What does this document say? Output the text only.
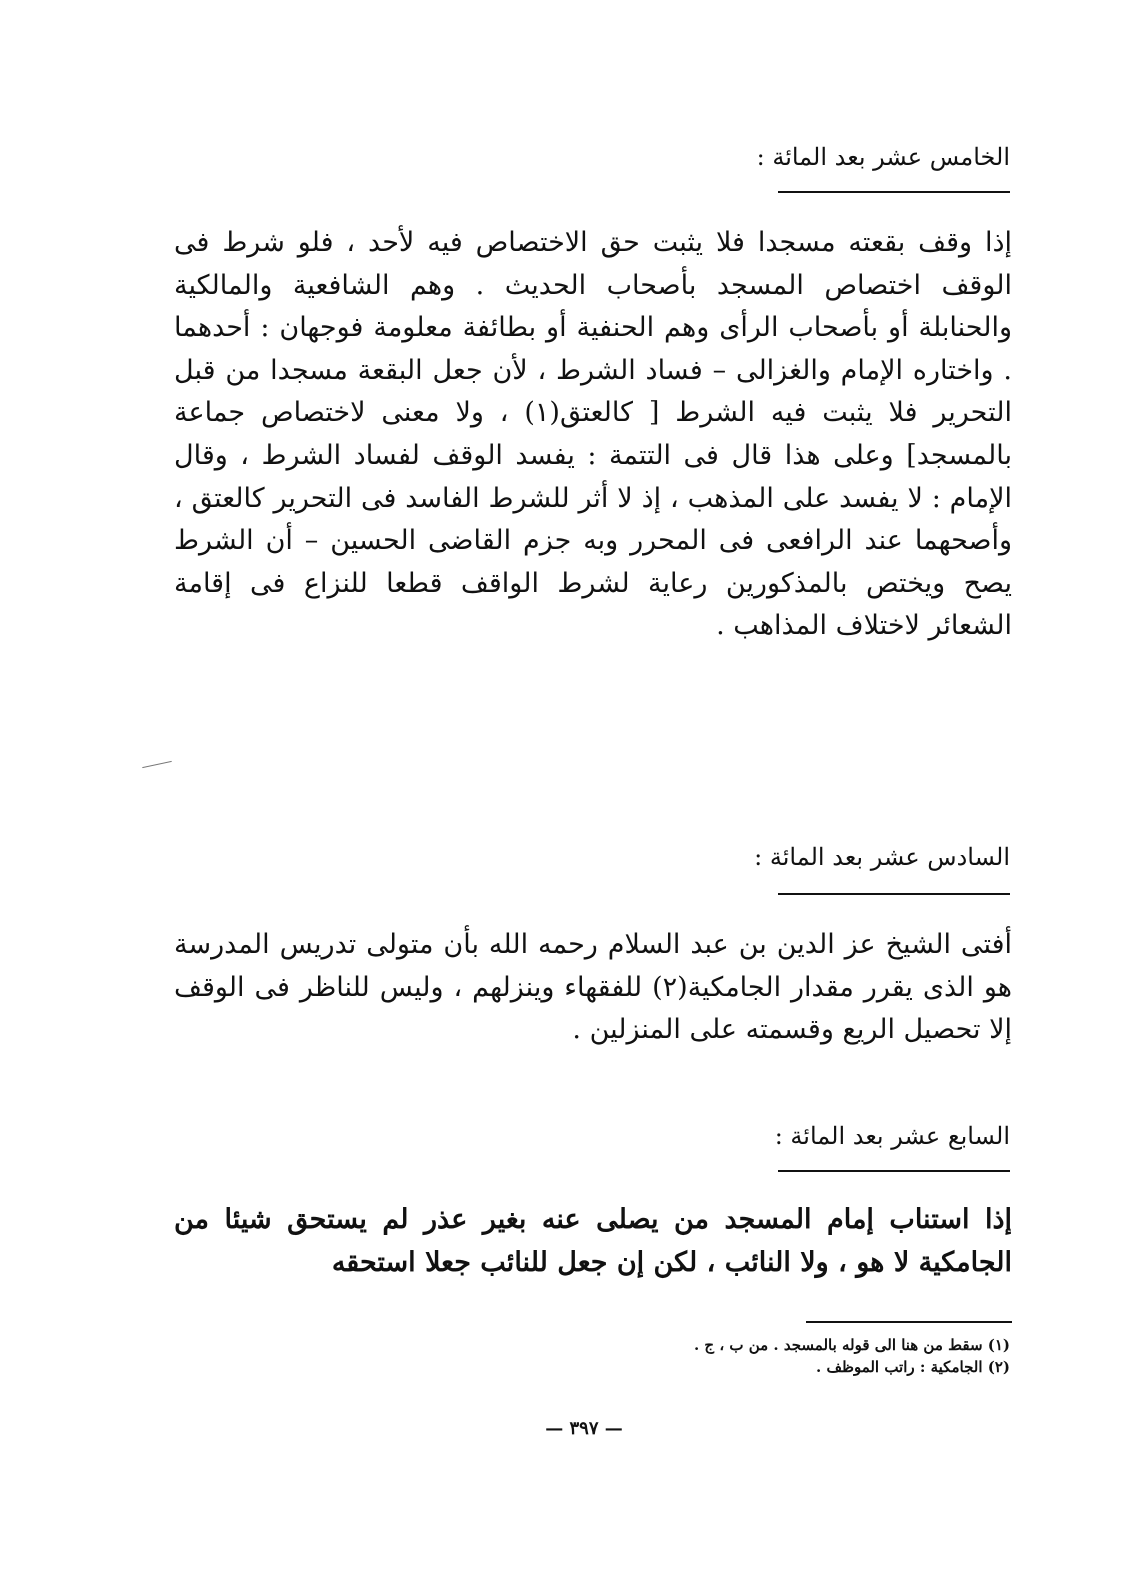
الخامس عشر بعد المائة :

إذا وقف بقعته مسجدا فلا يثبت حق الاختصاص فيه لأحد ، فلو شرط فى الوقف اختصاص المسجد بأصحاب الحديث . وهم الشافعية والمالكية والحنابلة أو بأصحاب الرأى وهم الحنفية أو بطائفة معلومة فوجهان : أحدهما . واختاره الإمام والغزالى – فساد الشرط ، لأن جعل البقعة مسجدا من قبل التحرير فلا يثبت فيه الشرط [ كالعتق(١) ، ولا معنى لاختصاص جماعة بالمسجد] وعلى هذا قال فى التتمة : يفسد الوقف لفساد الشرط ، وقال الإمام : لا يفسد على المذهب ، إذ لا أثر للشرط الفاسد فى التحرير كالعتق ، وأصحهما عند الرافعى فى المحرر وبه جزم القاضى الحسين – أن الشرط يصح ويختص بالمذكورين رعاية لشرط الواقف قطعا للنزاع فى إقامة الشعائر لاختلاف المذاهب .

السادس عشر بعد المائة :

أفتى الشيخ عز الدين بن عبد السلام رحمه الله بأن متولى تدريس المدرسة هو الذى يقرر مقدار الجامكية(٢) للفقهاء وينزلهم ، وليس للناظر فى الوقف إلا تحصيل الريع وقسمته على المنزلين .

السابع عشر بعد المائة :

إذا استناب إمام المسجد من يصلى عنه بغير عذر لم يستحق شيئا من الجامكية لا هو ، ولا النائب ، لكن إن جعل للنائب جعلا استحقه

(١) سقط من هنا الى قوله بالمسجد . من ب ، ج .
(٢) الجامكية : راتب الموظف .
— ٣٩٧ —
